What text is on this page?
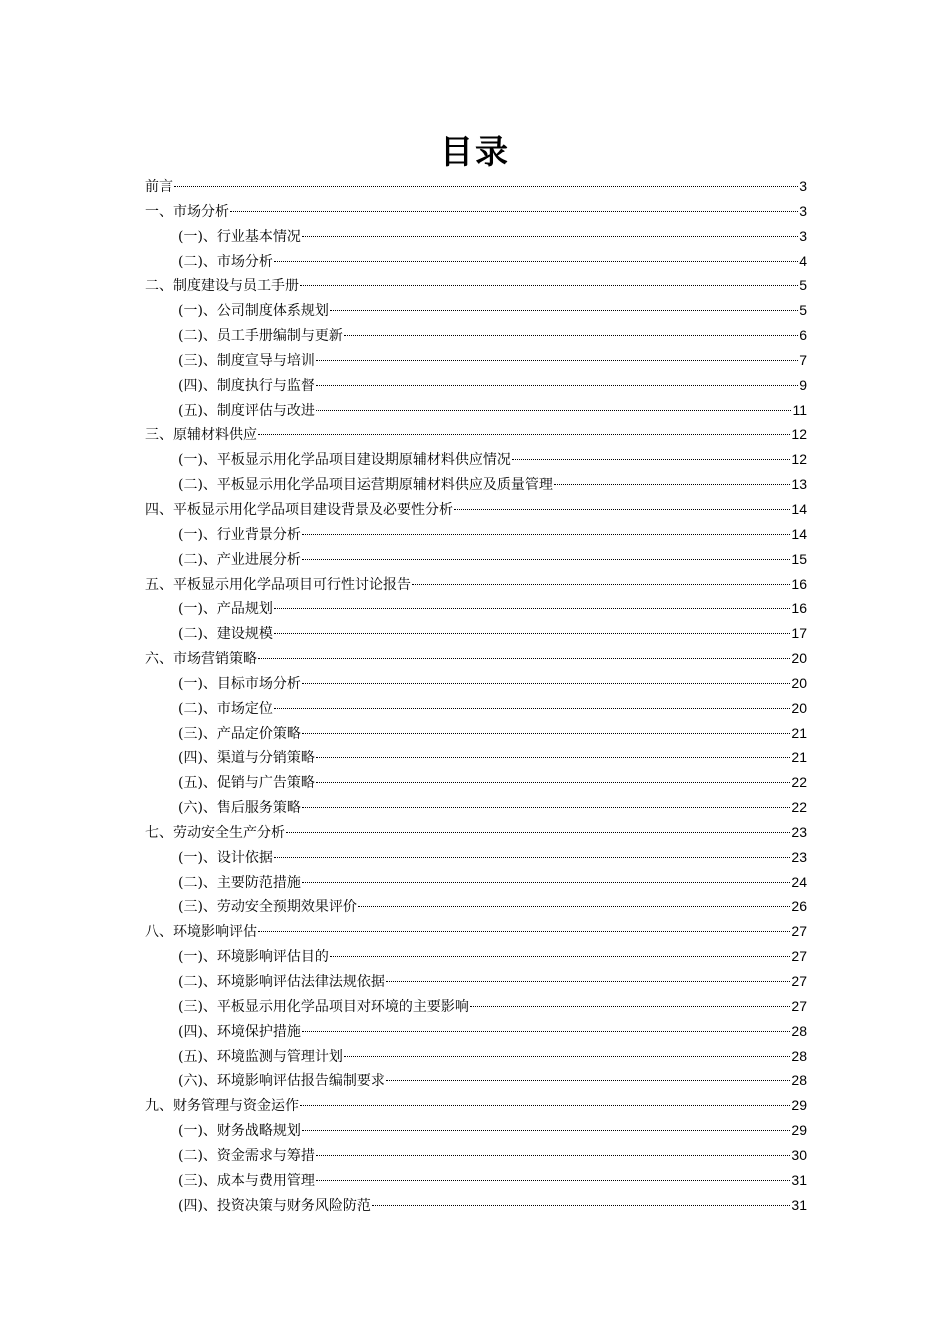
目录
前言	3
一、市场分析	3
(一)、行业基本情况	3
(二)、市场分析	4
二、制度建设与员工手册	5
(一)、公司制度体系规划	5
(二)、员工手册编制与更新	6
(三)、制度宣导与培训	7
(四)、制度执行与监督	9
(五)、制度评估与改进	11
三、原辅材料供应	12
(一)、平板显示用化学品项目建设期原辅材料供应情况	12
(二)、平板显示用化学品项目运营期原辅材料供应及质量管理	13
四、平板显示用化学品项目建设背景及必要性分析	14
(一)、行业背景分析	14
(二)、产业进展分析	15
五、平板显示用化学品项目可行性讨论报告	16
(一)、产品规划	16
(二)、建设规模	17
六、市场营销策略	20
(一)、目标市场分析	20
(二)、市场定位	20
(三)、产品定价策略	21
(四)、渠道与分销策略	21
(五)、促销与广告策略	22
(六)、售后服务策略	22
七、劳动安全生产分析	23
(一)、设计依据	23
(二)、主要防范措施	24
(三)、劳动安全预期效果评价	26
八、环境影响评估	27
(一)、环境影响评估目的	27
(二)、环境影响评估法律法规依据	27
(三)、平板显示用化学品项目对环境的主要影响	27
(四)、环境保护措施	28
(五)、环境监测与管理计划	28
(六)、环境影响评估报告编制要求	28
九、财务管理与资金运作	29
(一)、财务战略规划	29
(二)、资金需求与筹措	30
(三)、成本与费用管理	31
(四)、投资决策与财务风险防范	31
